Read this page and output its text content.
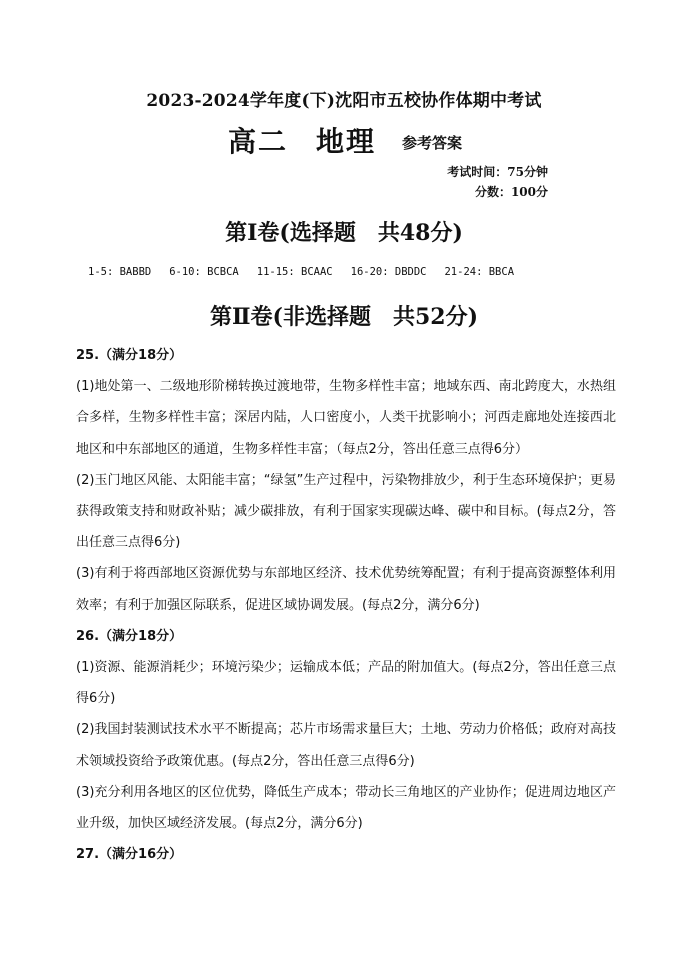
2023-2024学年度(下)沈阳市五校协作体期中考试
高二 地理 参考答案
考试时间：75分钟
分数：100分
第Ⅰ卷(选择题　共48分)
1-5: BABBD 6-10: BCBCA 11-15: BCAAC 16-20: DBDDC 21-24: BBCA
第Ⅱ卷(非选择题　共52分)

25.（满分18分）

(1)地处第一、二级地形阶梯转换过渡地带，生物多样性丰富；地域东西、南北跨度大，水热组合多样，生物多样性丰富；深居内陆，人口密度小，人类干扰影响小；河西走廊地处连接西北地区和中东部地区的通道，生物多样性丰富；（每点2分，答出任意三点得6分）

(2)玉门地区风能、太阳能丰富；“绿氢”生产过程中，污染物排放少，利于生态环境保护；更易获得政策支持和财政补贴；减少碳排放，有利于国家实现碳达峰、碳中和目标。(每点2分，答出任意三点得6分)

(3)有利于将西部地区资源优势与东部地区经济、技术优势统筹配置；有利于提高资源整体利用效率；有利于加强区际联系，促进区域协调发展。(每点2分，满分6分)

26.（满分18分）

(1)资源、能源消耗少；环境污染少；运输成本低；产品的附加值大。(每点2分，答出任意三点得6分)

(2)我国封装测试技术水平不断提高；芯片市场需求量巨大；土地、劳动力价格低；政府对高技术领域投资给予政策优惠。(每点2分，答出任意三点得6分)

(3)充分利用各地区的区位优势，降低生产成本；带动长三角地区的产业协作；促进周边地区产业升级，加快区域经济发展。(每点2分，满分6分)

27.（满分16分）
